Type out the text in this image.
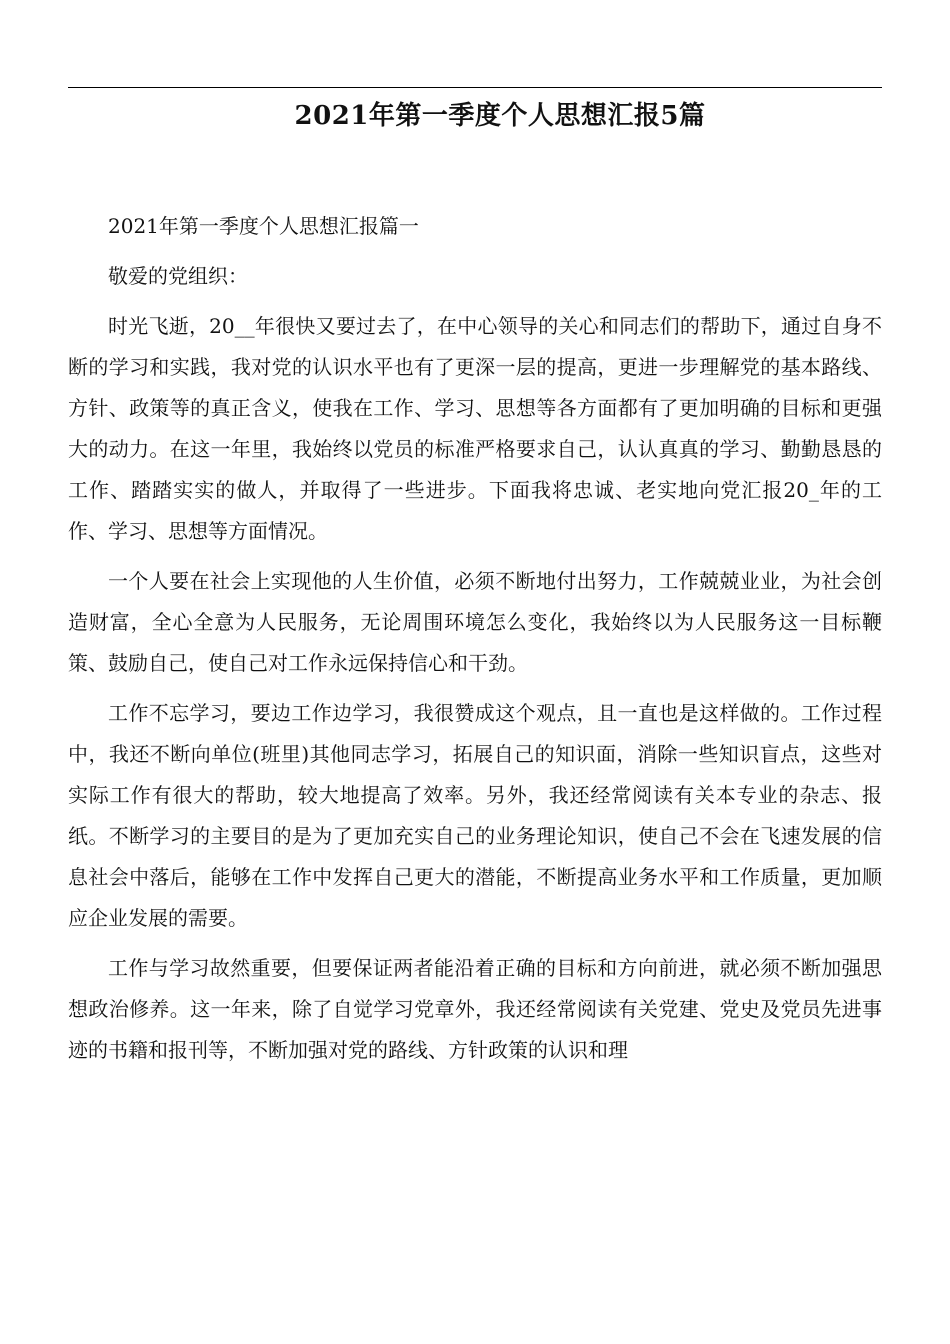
2021年第一季度个人思想汇报5篇

2021年第一季度个人思想汇报篇一

敬爱的党组织：

时光飞逝，20__年很快又要过去了，在中心领导的关心和同志们的帮助下，通过自身不断的学习和实践，我对党的认识水平也有了更深一层的提高，更进一步理解党的基本路线、方针、政策等的真正含义，使我在工作、学习、思想等各方面都有了更加明确的目标和更强大的动力。在这一年里，我始终以党员的标准严格要求自己，认认真真的学习、勤勤恳恳的工作、踏踏实实的做人，并取得了一些进步。下面我将忠诚、老实地向党汇报20_年的工作、学习、思想等方面情况。

一个人要在社会上实现他的人生价值，必须不断地付出努力，工作兢兢业业，为社会创造财富，全心全意为人民服务，无论周围环境怎么变化，我始终以为人民服务这一目标鞭策、鼓励自己，使自己对工作永远保持信心和干劲。

工作不忘学习，要边工作边学习，我很赞成这个观点，且一直也是这样做的。工作过程中，我还不断向单位(班里)其他同志学习，拓展自己的知识面，消除一些知识盲点，这些对实际工作有很大的帮助，较大地提高了效率。另外，我还经常阅读有关本专业的杂志、报纸。不断学习的主要目的是为了更加充实自己的业务理论知识，使自己不会在飞速发展的信息社会中落后，能够在工作中发挥自己更大的潜能，不断提高业务水平和工作质量，更加顺应企业发展的需要。

工作与学习故然重要，但要保证两者能沿着正确的目标和方向前进，就必须不断加强思想政治修养。这一年来，除了自觉学习党章外，我还经常阅读有关党建、党史及党员先进事迹的书籍和报刊等，不断加强对党的路线、方针政策的认识和理
